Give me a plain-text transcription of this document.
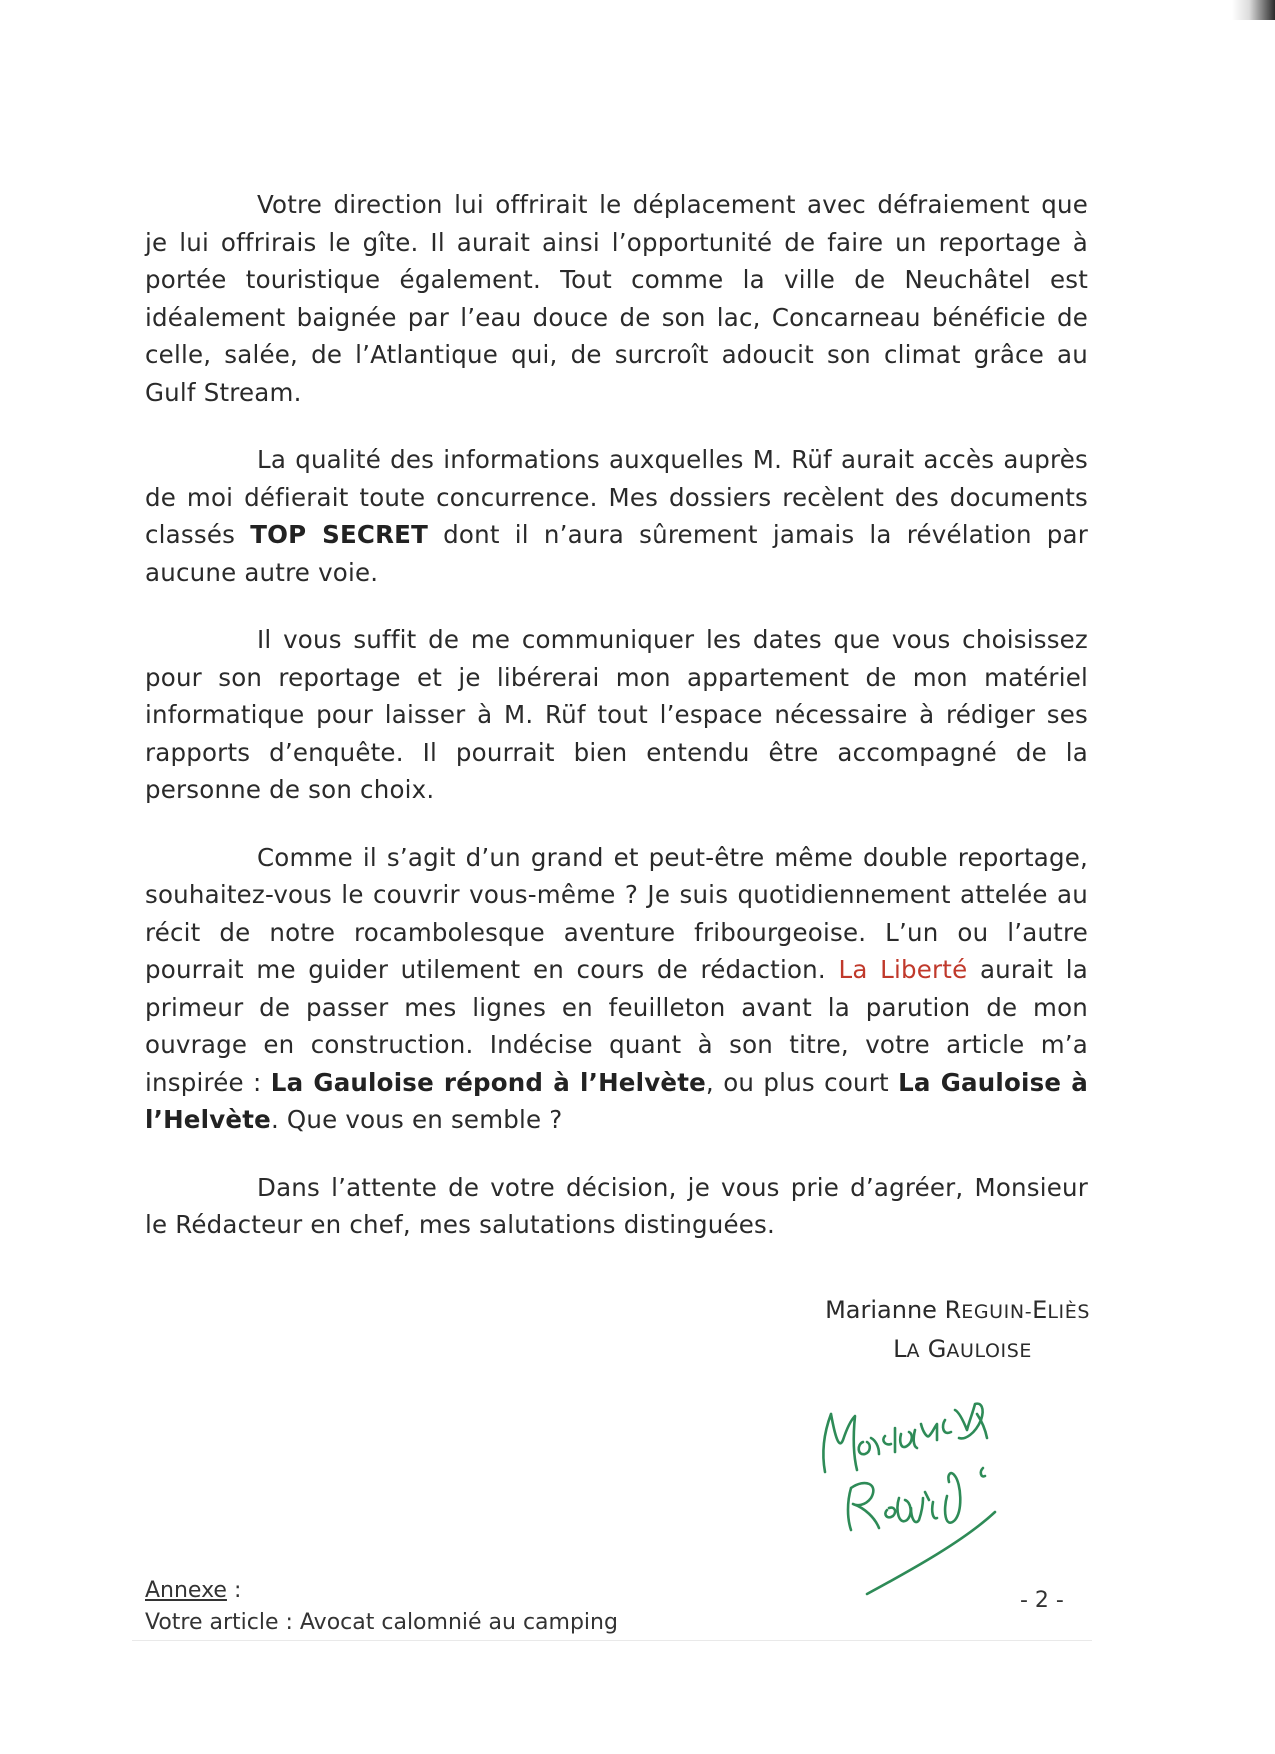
Votre direction lui offrirait le déplacement avec défraiement que je lui offrirais le gîte. Il aurait ainsi l’opportunité de faire un reportage à portée touristique également. Tout comme la ville de Neuchâtel est idéalement baignée par l’eau douce de son lac, Concarneau bénéficie de celle, salée, de l’Atlantique qui, de surcroît adoucit son climat grâce au Gulf Stream.

La qualité des informations auxquelles M. Rüf aurait accès auprès de moi défierait toute concurrence. Mes dossiers recèlent des documents classés TOP SECRET dont il n’aura sûrement jamais la révélation par aucune autre voie.

Il vous suffit de me communiquer les dates que vous choisissez pour son reportage et je libérerai mon appartement de mon matériel informatique pour laisser à M. Rüf tout l’espace nécessaire à rédiger ses rapports d’enquête. Il pourrait bien entendu être accompagné de la personne de son choix.

Comme il s’agit d’un grand et peut-être même double reportage, souhaitez-vous le couvrir vous-même ? Je suis quotidiennement attelée au récit de notre rocambolesque aventure fribourgeoise. L’un ou l’autre pourrait me guider utilement en cours de rédaction. La Liberté aurait la primeur de passer mes lignes en feuilleton avant la parution de mon ouvrage en construction. Indécise quant à son titre, votre article m’a inspirée : La Gauloise répond à l’Helvète, ou plus court La Gauloise à l’Helvète. Que vous en semble ?

Dans l’attente de votre décision, je vous prie d’agréer, Monsieur le Rédacteur en chef, mes salutations distinguées.

Marianne REGUIN-ELIÈS
LA GAULOISE
Annexe :
Votre article : Avocat calomnié au camping
- 2 -
